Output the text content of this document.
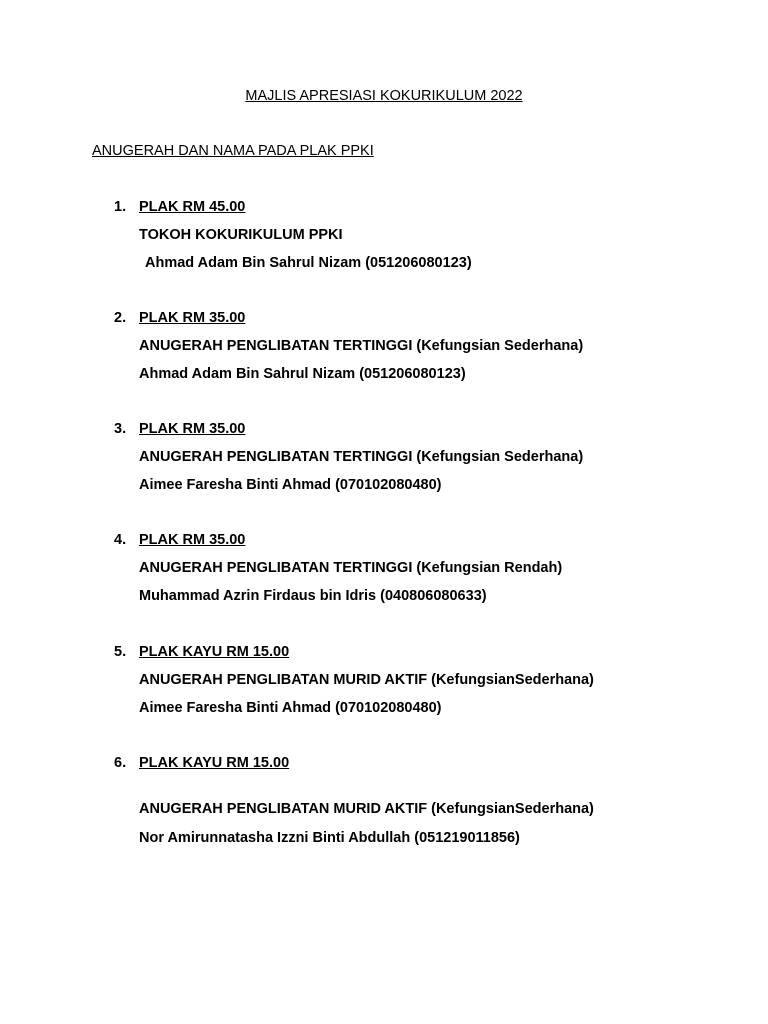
MAJLIS APRESIASI KOKURIKULUM 2022
ANUGERAH DAN NAMA PADA PLAK PPKI
1. PLAK RM 45.00
TOKOH KOKURIKULUM PPKI
Ahmad Adam Bin Sahrul Nizam (051206080123)
2. PLAK RM 35.00
ANUGERAH PENGLIBATAN TERTINGGI (Kefungsian Sederhana)
Ahmad Adam Bin Sahrul Nizam (051206080123)
3. PLAK RM 35.00
ANUGERAH PENGLIBATAN TERTINGGI (Kefungsian Sederhana)
Aimee Faresha Binti Ahmad (070102080480)
4. PLAK RM 35.00
ANUGERAH PENGLIBATAN TERTINGGI (Kefungsian Rendah)
Muhammad Azrin Firdaus bin Idris (040806080633)
5. PLAK KAYU RM 15.00
ANUGERAH PENGLIBATAN MURID AKTIF (KefungsianSederhana)
Aimee Faresha Binti Ahmad (070102080480)
6. PLAK KAYU RM 15.00
ANUGERAH PENGLIBATAN MURID AKTIF (KefungsianSederhana)
Nor Amirunnatasha Izzni Binti Abdullah (051219011856)
